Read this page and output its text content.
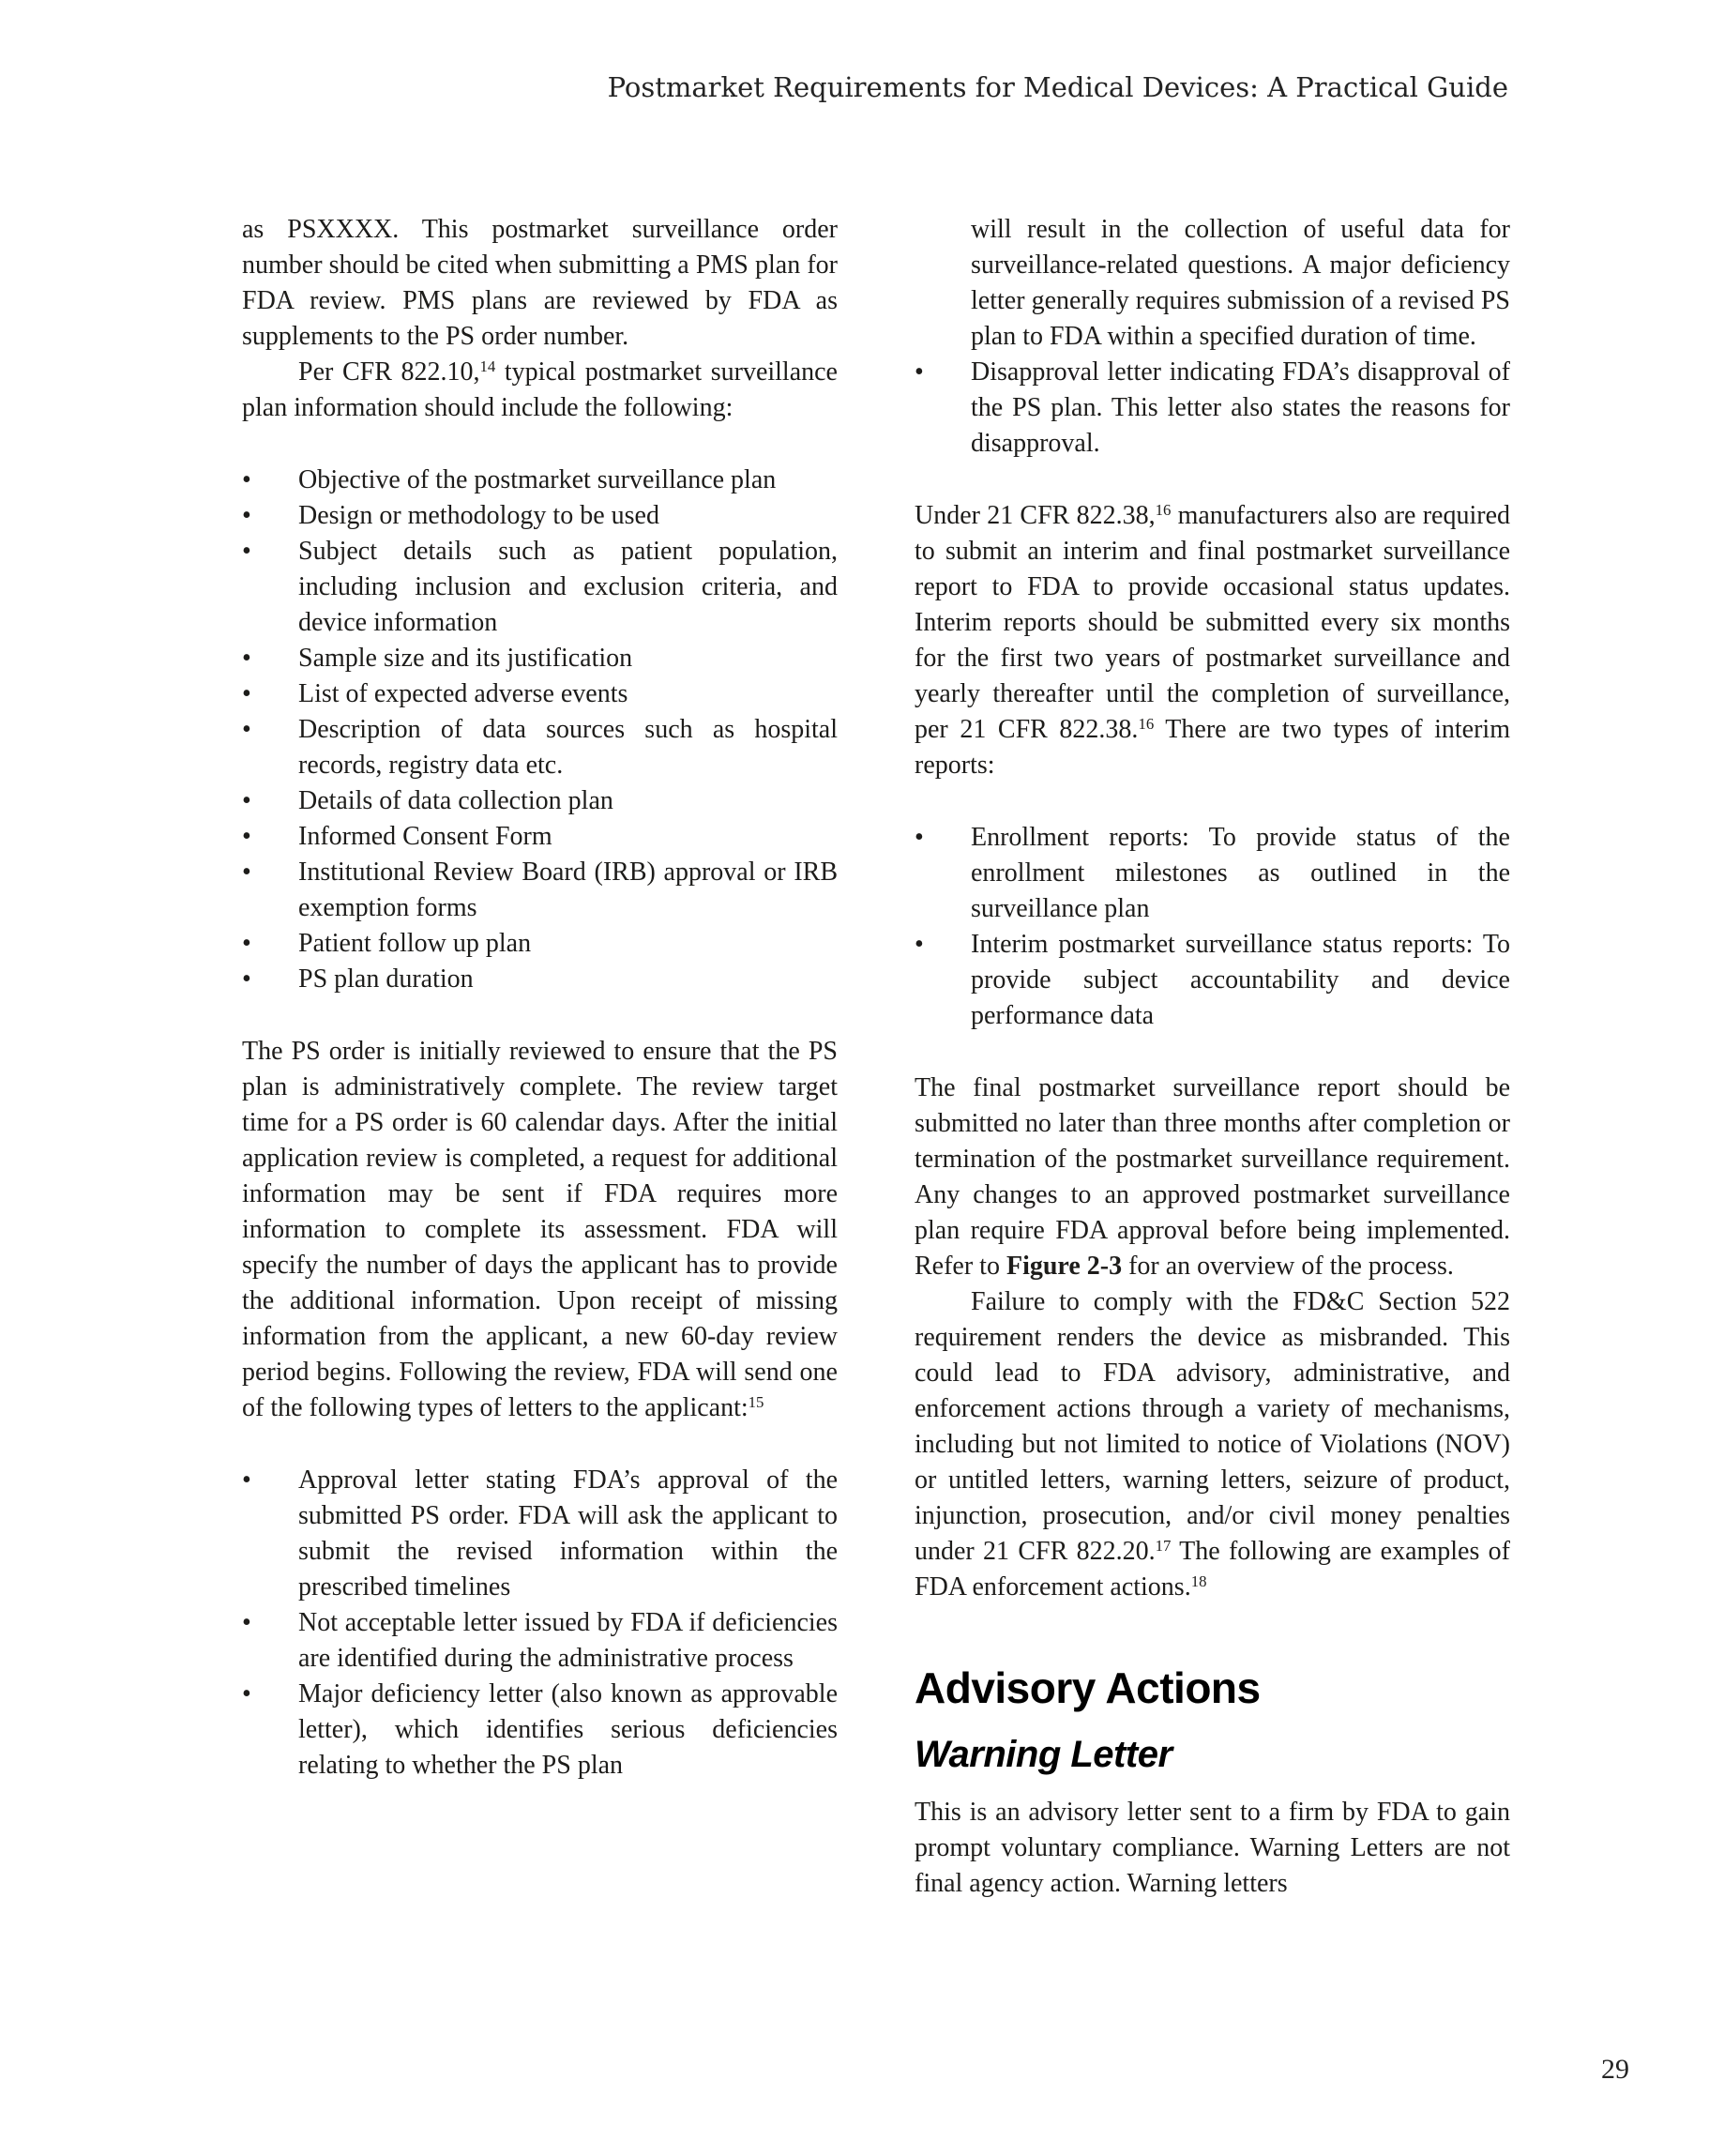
Postmarket Requirements for Medical Devices: A Practical Guide

as PSXXXX. This postmarket surveillance order number should be cited when submitting a PMS plan for FDA review. PMS plans are reviewed by FDA as supplements to the PS order number.

Per CFR 822.10,14 typical postmarket surveillance plan information should include the following:

•	Objective of the postmarket surveillance plan
•	Design or methodology to be used
•	Subject details such as patient population, including inclusion and exclusion criteria, and device information
•	Sample size and its justification
•	List of expected adverse events
•	Description of data sources such as hospital records, registry data etc.
•	Details of data collection plan
•	Informed Consent Form
•	Institutional Review Board (IRB) approval or IRB exemption forms
•	Patient follow up plan
•	PS plan duration

The PS order is initially reviewed to ensure that the PS plan is administratively complete. The review target time for a PS order is 60 calendar days. After the initial application review is completed, a request for additional information may be sent if FDA requires more information to complete its assessment. FDA will specify the number of days the applicant has to provide the additional information. Upon receipt of missing information from the applicant, a new 60-day review period begins. Following the review, FDA will send one of the following types of letters to the applicant:$^{15}$

•	Approval letter stating FDA’s approval of the submitted PS order. FDA will ask the applicant to submit the revised information within the prescribed timelines
•	Not acceptable letter issued by FDA if deficiencies are identified during the administrative process
•	Major deficiency letter (also known as approvable letter), which identifies serious deficiencies relating to whether the PS plan

will result in the collection of useful data for surveillance-related questions. A major deficiency letter generally requires submission of a revised PS plan to FDA within a specified duration of time.

•	Disapproval letter indicating FDA’s disapproval of the PS plan. This letter also states the reasons for disapproval.

Under 21 CFR 822.38,16 manufacturers also are required to submit an interim and final postmarket surveillance report to FDA to provide occasional status updates. Interim reports should be submitted every six months for the first two years of postmarket surveillance and yearly thereafter until the completion of surveillance, per 21 CFR 822.38.16 There are two types of interim reports:

•	Enrollment reports: To provide status of the enrollment milestones as outlined in the surveillance plan
•	Interim postmarket surveillance status reports: To provide subject accountability and device performance data

The final postmarket surveillance report should be submitted no later than three months after completion or termination of the postmarket surveillance requirement. Any changes to an approved postmarket surveillance plan require FDA approval before being implemented. Refer to Figure 2-3 for an overview of the process.

Failure to comply with the FD&C Section 522 requirement renders the device as misbranded. This could lead to FDA advisory, administrative, and enforcement actions through a variety of mechanisms, including but not limited to notice of Violations (NOV) or untitled letters, warning letters, seizure of product, injunction, prosecution, and/or civil money penalties under 21 CFR 822.20.17 The following are examples of FDA enforcement actions.$^{18}$

Advisory Actions
Warning Letter

This is an advisory letter sent to a firm by FDA to gain prompt voluntary compliance. Warning Letters are not final agency action. Warning letters

29
